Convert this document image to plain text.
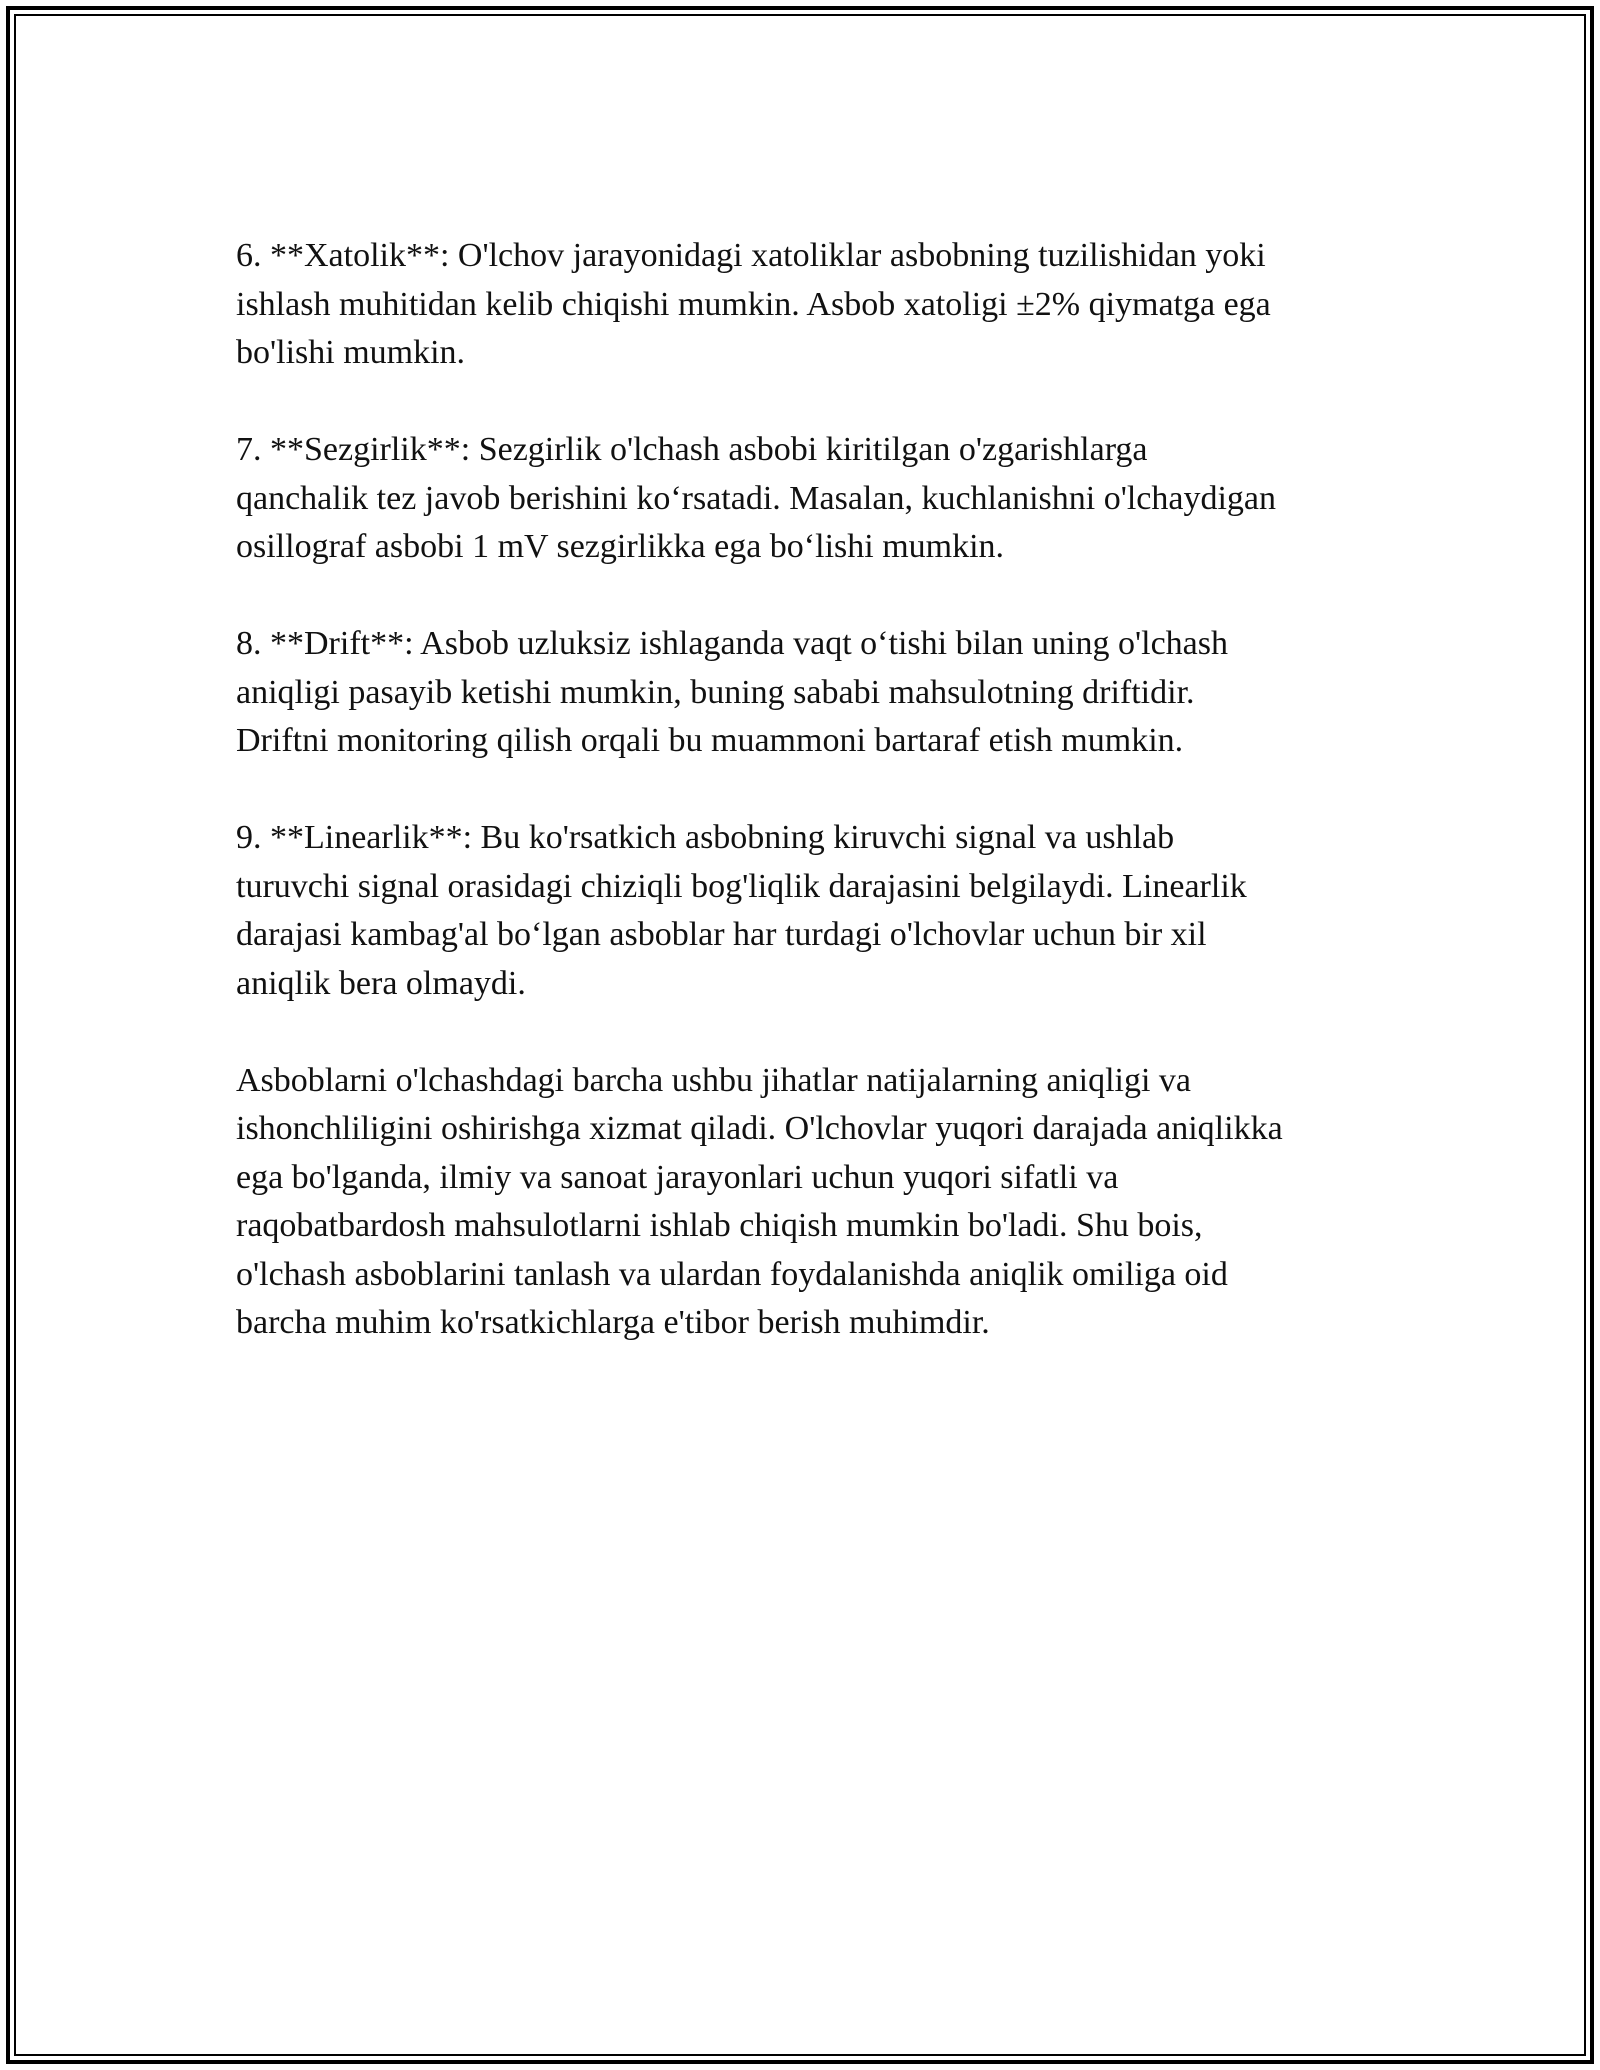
6. **Xatolik**: O'lchov jarayonidagi xatoliklar asbobning tuzilishidan yoki
ishlash muhitidan kelib chiqishi mumkin. Asbob xatoligi ±2% qiymatga ega
bo'lishi mumkin.

7. **Sezgirlik**: Sezgirlik o'lchash asbobi kiritilgan o'zgarishlarga
qanchalik tez javob berishini ko‘rsatadi. Masalan, kuchlanishni o'lchaydigan
osillograf asbobi 1 mV sezgirlikka ega bo‘lishi mumkin.

8. **Drift**: Asbob uzluksiz ishlaganda vaqt o‘tishi bilan uning o'lchash
aniqligi pasayib ketishi mumkin, buning sababi mahsulotning driftidir.
Driftni monitoring qilish orqali bu muammoni bartaraf etish mumkin.

9. **Linearlik**: Bu ko'rsatkich asbobning kiruvchi signal va ushlab
turuvchi signal orasidagi chiziqli bog'liqlik darajasini belgilaydi. Linearlik
darajasi kambag'al bo‘lgan asboblar har turdagi o'lchovlar uchun bir xil
aniqlik bera olmaydi.

Asboblarni o'lchashdagi barcha ushbu jihatlar natijalarning aniqligi va
ishonchliligini oshirishga xizmat qiladi. O'lchovlar yuqori darajada aniqlikka
ega bo'lganda, ilmiy va sanoat jarayonlari uchun yuqori sifatli va
raqobatbardosh mahsulotlarni ishlab chiqish mumkin bo'ladi. Shu bois,
o'lchash asboblarini tanlash va ulardan foydalanishda aniqlik omiliga oid
barcha muhim ko'rsatkichlarga e'tibor berish muhimdir.
